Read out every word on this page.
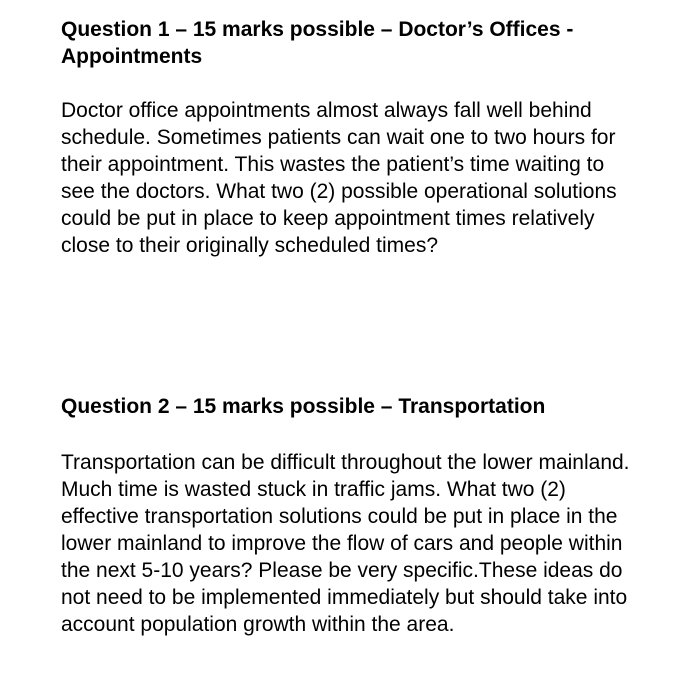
Question 1 – 15 marks possible – Doctor’s Offices - Appointments

Doctor office appointments almost always fall well behind schedule. Sometimes patients can wait one to two hours for their appointment. This wastes the patient’s time waiting to see the doctors. What two (2) possible operational solutions could be put in place to keep appointment times relatively close to their originally scheduled times?

Question 2 – 15 marks possible – Transportation

Transportation can be difficult throughout the lower mainland. Much time is wasted stuck in traffic jams. What two (2) effective transportation solutions could be put in place in the lower mainland to improve the flow of cars and people within the next 5-10 years? Please be very specific.These ideas do not need to be implemented immediately but should take into account population growth within the area.
